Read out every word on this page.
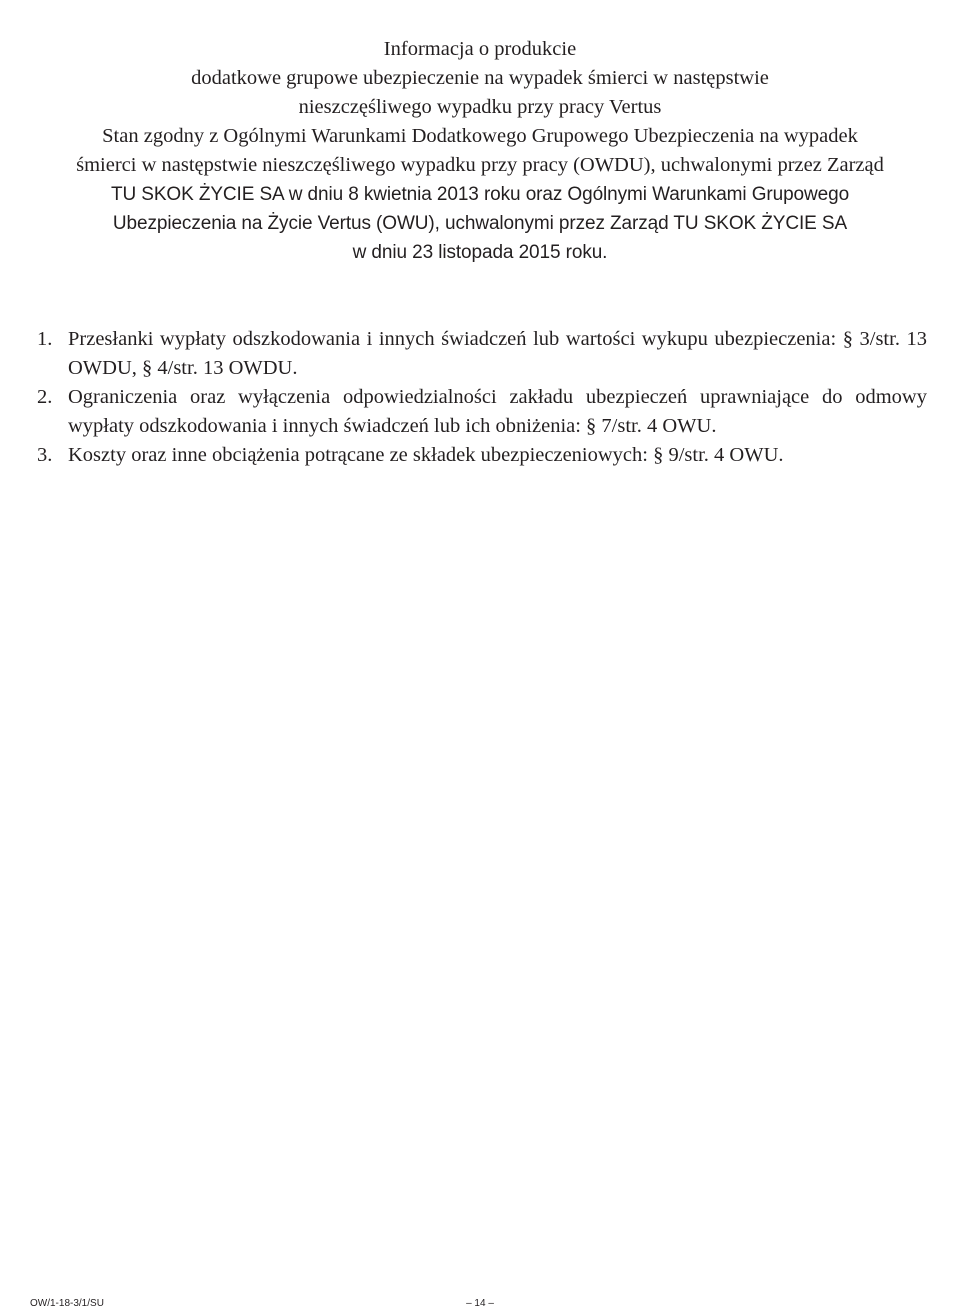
Informacja o produkcie
dodatkowe grupowe ubezpieczenie na wypadek śmierci w następstwie
nieszczęśliwego wypadku przy pracy Vertus
Stan zgodny z Ogólnymi Warunkami Dodatkowego Grupowego Ubezpieczenia na wypadek
śmierci w następstwie nieszczęśliwego wypadku przy pracy (OWDU), uchwalonymi przez Zarząd
TU SKOK ŻYCIE SA w dniu 8 kwietnia 2013 roku oraz Ogólnymi Warunkami Grupowego
Ubezpieczenia na Życie Vertus (OWU), uchwalonymi przez Zarząd TU SKOK ŻYCIE SA
w dniu 23 listopada 2015 roku.
1. Przesłanki wypłaty odszkodowania i innych świadczeń lub wartości wykupu ubezpieczenia: § 3/str. 13 OWDU, § 4/str. 13 OWDU.
2. Ograniczenia oraz wyłączenia odpowiedzialności zakładu ubezpieczeń uprawniające do odmowy wypłaty odszkodowania i innych świadczeń lub ich obniżenia: § 7/str. 4 OWU.
3. Koszty oraz inne obciążenia potrącane ze składek ubezpieczeniowych: § 9/str. 4 OWU.
OW/1-18-3/1/SU	– 14 –
